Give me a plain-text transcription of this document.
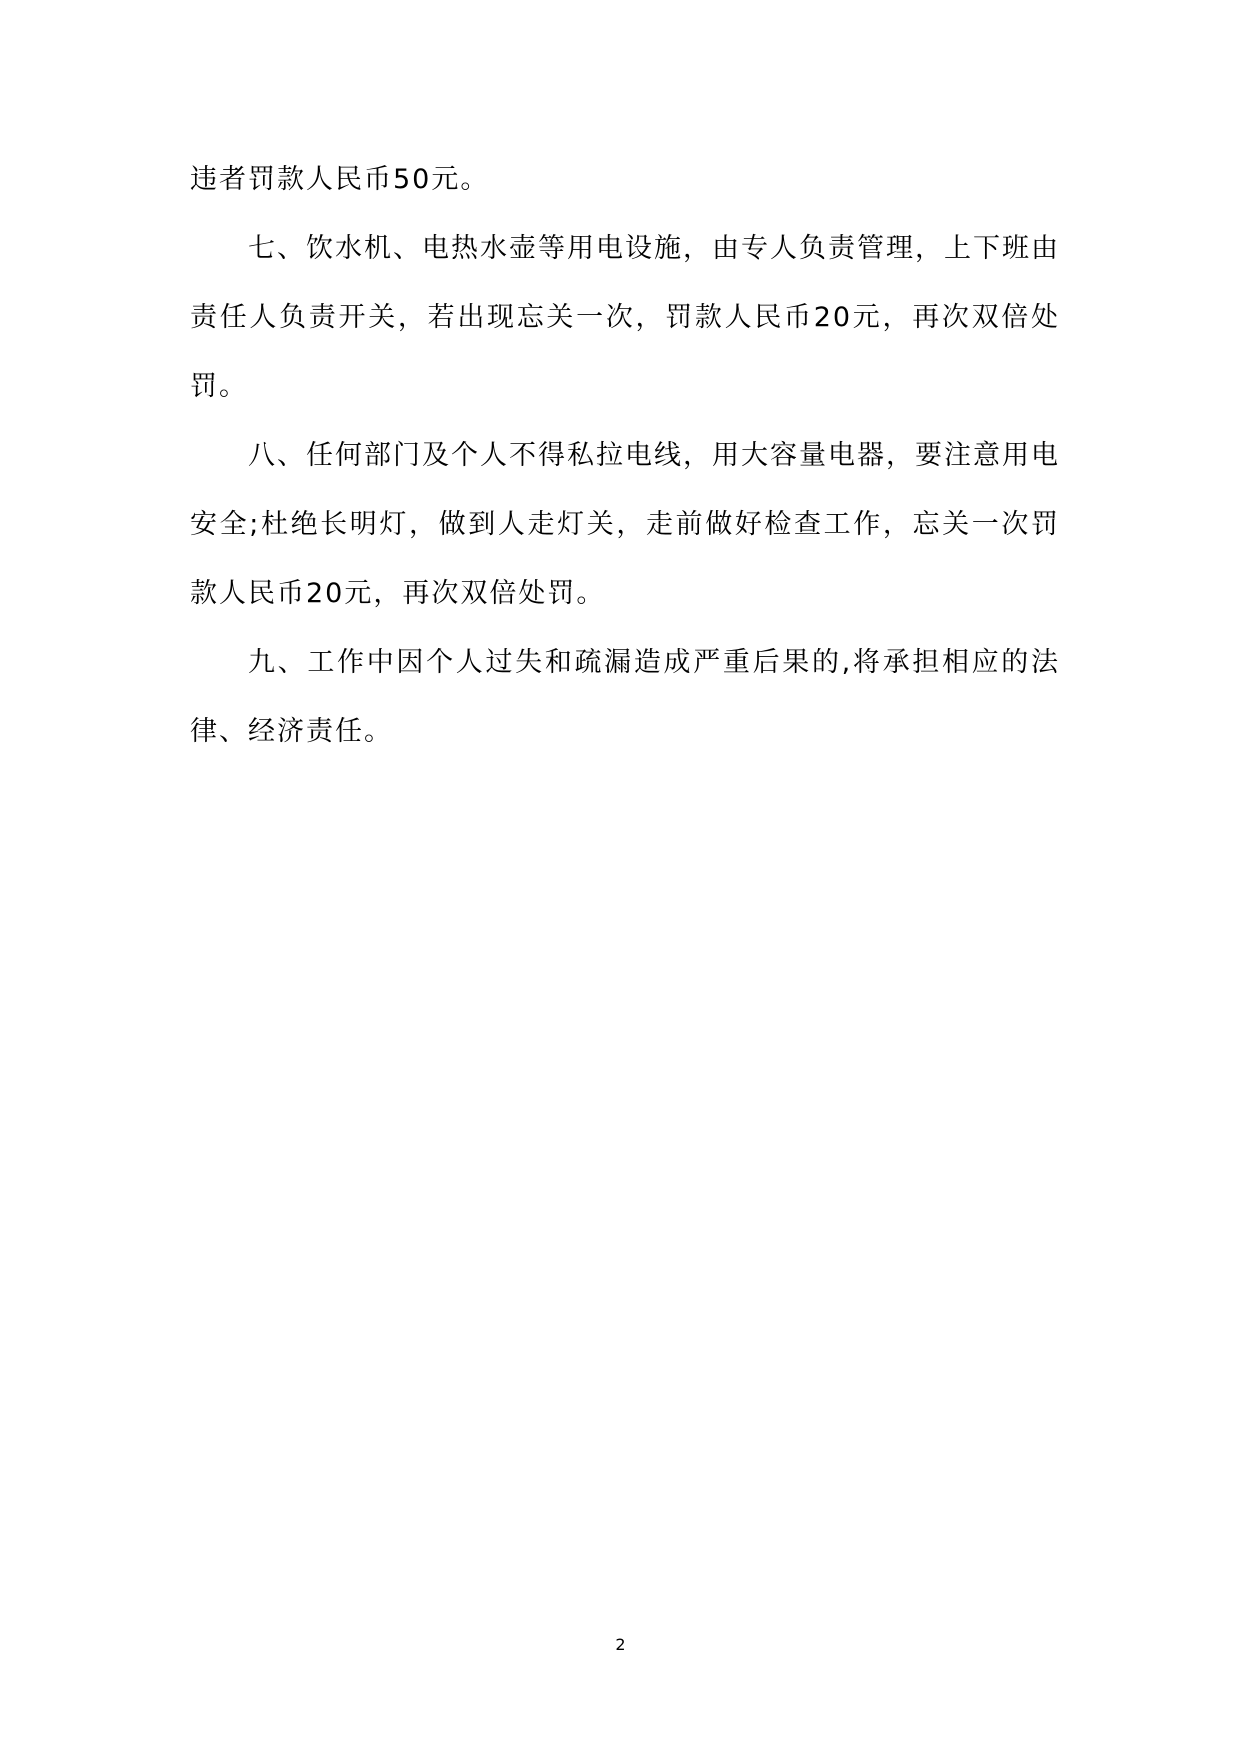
违者罚款人民币50元。

七、饮水机、电热水壶等用电设施，由专人负责管理，上下班由责任人负责开关，若出现忘关一次，罚款人民币20元，再次双倍处罚。

八、任何部门及个人不得私拉电线，用大容量电器，要注意用电安全;杜绝长明灯，做到人走灯关，走前做好检查工作，忘关一次罚款人民币20元，再次双倍处罚。

九、工作中因个人过失和疏漏造成严重后果的,将承担相应的法律、经济责任。

2
